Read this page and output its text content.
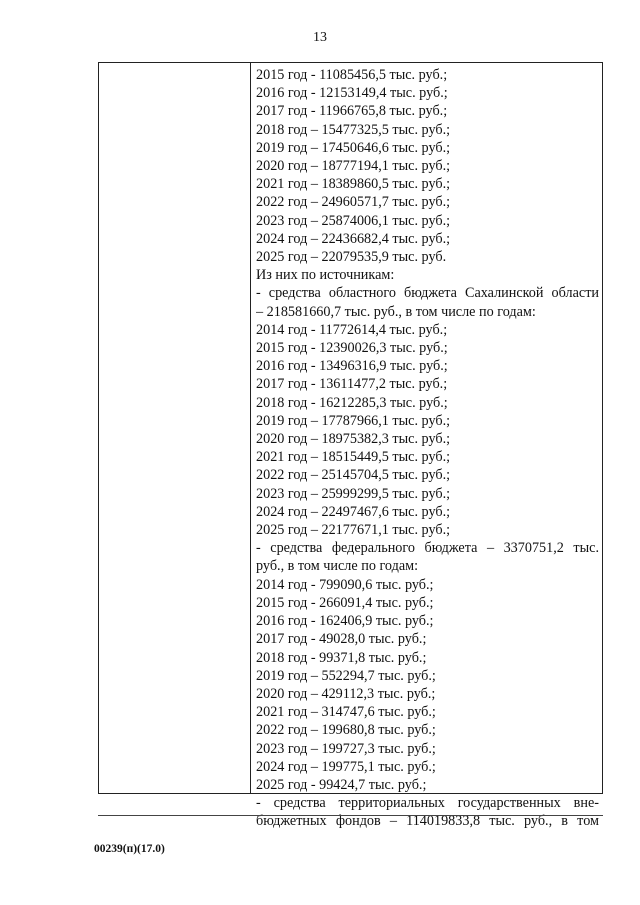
13
2015 год - 11085456,5 тыс. руб.;
2016 год - 12153149,4 тыс. руб.;
2017 год - 11966765,8 тыс. руб.;
2018 год – 15477325,5 тыс. руб.;
2019 год – 17450646,6 тыс. руб.;
2020 год – 18777194,1 тыс. руб.;
2021 год – 18389860,5 тыс. руб.;
2022 год – 24960571,7 тыс. руб.;
2023 год – 25874006,1 тыс. руб.;
2024 год – 22436682,4 тыс. руб.;
2025 год – 22079535,9 тыс. руб.
Из них по источникам:
- средства областного бюджета Сахалинской области
– 218581660,7 тыс. руб., в том числе по годам:
2014 год - 11772614,4 тыс. руб.;
2015 год - 12390026,3 тыс. руб.;
2016 год - 13496316,9 тыс. руб.;
2017 год - 13611477,2 тыс. руб.;
2018 год - 16212285,3 тыс. руб.;
2019 год – 17787966,1 тыс. руб.;
2020 год – 18975382,3 тыс. руб.;
2021 год – 18515449,5 тыс. руб.;
2022 год – 25145704,5 тыс. руб.;
2023 год – 25999299,5 тыс. руб.;
2024 год – 22497467,6 тыс. руб.;
2025 год – 22177671,1 тыс. руб.;
- средства федерального бюджета – 3370751,2 тыс.
руб., в том числе по годам:
2014 год - 799090,6 тыс. руб.;
2015 год - 266091,4 тыс. руб.;
2016 год - 162406,9 тыс. руб.;
2017 год - 49028,0 тыс. руб.;
2018 год - 99371,8 тыс. руб.;
2019 год – 552294,7 тыс. руб.;
2020 год – 429112,3 тыс. руб.;
2021 год – 314747,6 тыс. руб.;
2022 год – 199680,8 тыс. руб.;
2023 год – 199727,3 тыс. руб.;
2024 год – 199775,1 тыс. руб.;
2025 год - 99424,7 тыс. руб.;
- средства территориальных государственных вне-
бюджетных фондов – 114019833,8 тыс. руб., в том
00239(п)(17.0)
